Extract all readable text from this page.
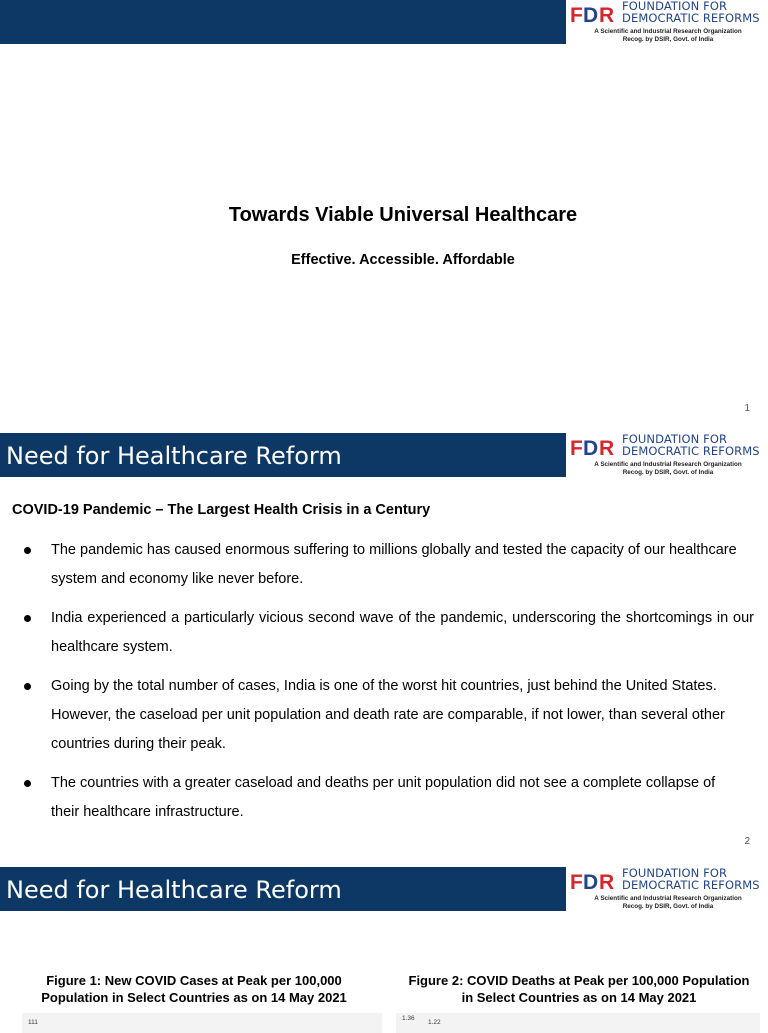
F D R FOUNDATION FOR
DEMOCRATIC REFORMS
A Scientific and Industrial Research Organization
Recog. by DSIR, Govt. of India
Towards Viable Universal Healthcare
Effective. Accessible. Affordable
1
Need for Healthcare Reform	F D R FOUNDATION FOR
DEMOCRATIC REFORMS
A Scientific and Industrial Research Organization
Recog. by DSIR, Govt. of India
COVID-19 Pandemic – The Largest Health Crisis in a Century
The pandemic has caused enormous suffering to millions globally and tested the capacity of our healthcare system and economy like never before.
India experienced a particularly vicious second wave of the pandemic, underscoring the shortcomings in our healthcare system.
Going by the total number of cases, India is one of the worst hit countries, just behind the United States. However, the caseload per unit population and death rate are comparable, if not lower, than several other countries during their peak.
The countries with a greater caseload and deaths per unit population did not see a complete collapse of their healthcare infrastructure.
2
Need for Healthcare Reform	F D R FOUNDATION FOR
DEMOCRATIC REFORMS
A Scientific and Industrial Research Organization
Recog. by DSIR, Govt. of India
Figure 1: New COVID Cases at Peak per 100,000
Population in Select Countries as on 14 May 2021
111
Figure 2: COVID Deaths at Peak per 100,000 Population
in Select Countries as on 14 May 2021
1.36
1.22
